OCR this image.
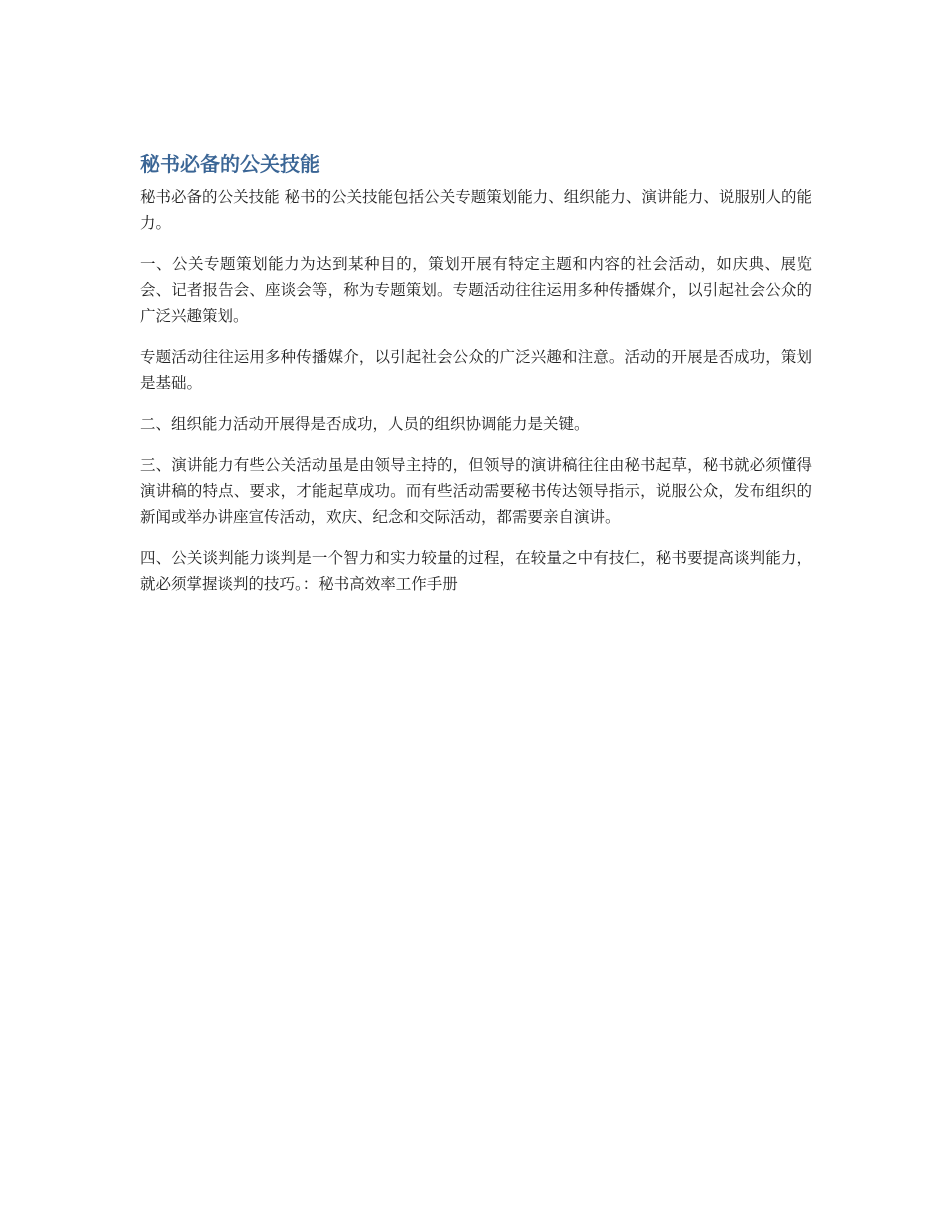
秘书必备的公关技能

秘书必备的公关技能 秘书的公关技能包括公关专题策划能力、组织能力、演讲能力、说服别人的能力。

一、公关专题策划能力为达到某种目的，策划开展有特定主题和内容的社会活动，如庆典、展览会、记者报告会、座谈会等，称为专题策划。专题活动往往运用多种传播媒介，以引起社会公众的广泛兴趣策划。

专题活动往往运用多种传播媒介，以引起社会公众的广泛兴趣和注意。活动的开展是否成功，策划是基础。

二、组织能力活动开展得是否成功，人员的组织协调能力是关键。

三、演讲能力有些公关活动虽是由领导主持的，但领导的演讲稿往往由秘书起草，秘书就必须懂得演讲稿的特点、要求，才能起草成功。而有些活动需要秘书传达领导指示，说服公众，发布组织的新闻或举办讲座宣传活动，欢庆、纪念和交际活动，都需要亲自演讲。

四、公关谈判能力谈判是一个智力和实力较量的过程，在较量之中有技仁，秘书要提高谈判能力，就必须掌握谈判的技巧。：秘书高效率工作手册
